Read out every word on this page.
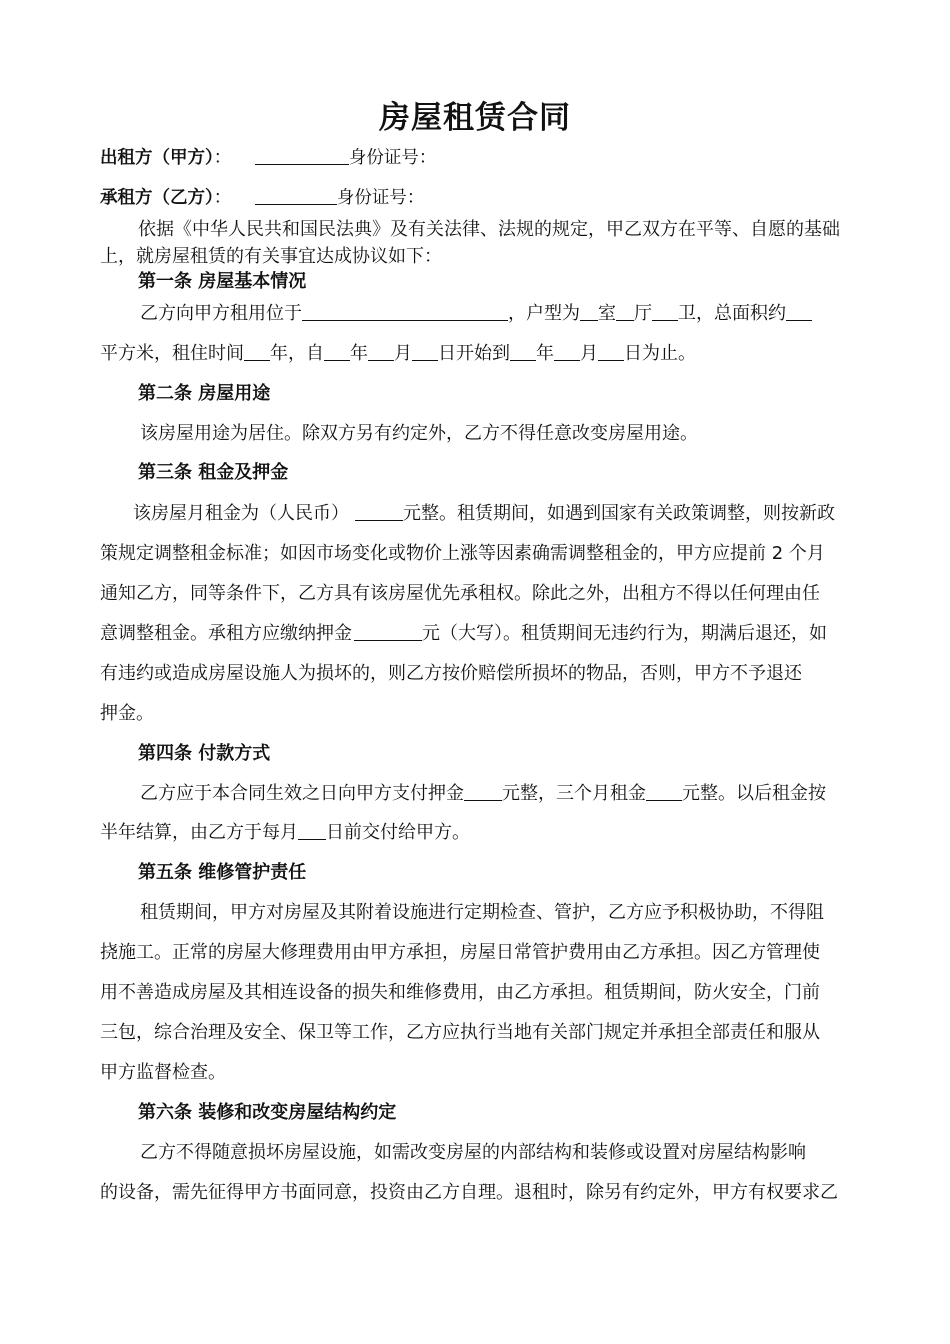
房屋租赁合同
出租方（甲方）：	身份证号：
承租方（乙方）：	身份证号：
依据《中华人民共和国民法典》及有关法律、法规的规定，甲乙双方在平等、自愿的基础
上，就房屋租赁的有关事宜达成协议如下：
第一条 房屋基本情况
乙方向甲方租用位于	，户型为 室 厅 卫，总面积约
平方米，租住时间 年，自 年 月 日开始到 年 月 日为止。
第二条 房屋用途
该房屋用途为居住。除双方另有约定外，乙方不得任意改变房屋用途。
第三条 租金及押金
该房屋月租金为（人民币）	元整。租赁期间，如遇到国家有关政策调整，则按新政
策规定调整租金标准；如因市场变化或物价上涨等因素确需调整租金的，甲方应提前 2 个月
通知乙方，同等条件下，乙方具有该房屋优先承租权。除此之外，出租方不得以任何理由任
意调整租金。承租方应缴纳押金	元（大写）。租赁期间无违约行为，期满后退还，如
有违约或造成房屋设施人为损坏的，则乙方按价赔偿所损坏的物品，否则，甲方不予退还
押金。
第四条 付款方式
乙方应于本合同生效之日向甲方支付押金 元整，三个月租金 元整。以后租金按
半年结算，由乙方于每月 日前交付给甲方。
第五条 维修管护责任
租赁期间，甲方对房屋及其附着设施进行定期检查、管护，乙方应予积极协助，不得阻
挠施工。正常的房屋大修理费用由甲方承担，房屋日常管护费用由乙方承担。因乙方管理使
用不善造成房屋及其相连设备的损失和维修费用，由乙方承担。租赁期间，防火安全，门前
三包，综合治理及安全、保卫等工作，乙方应执行当地有关部门规定并承担全部责任和服从
甲方监督检查。
第六条 装修和改变房屋结构约定
乙方不得随意损坏房屋设施，如需改变房屋的内部结构和装修或设置对房屋结构影响
的设备，需先征得甲方书面同意，投资由乙方自理。退租时，除另有约定外，甲方有权要求乙
